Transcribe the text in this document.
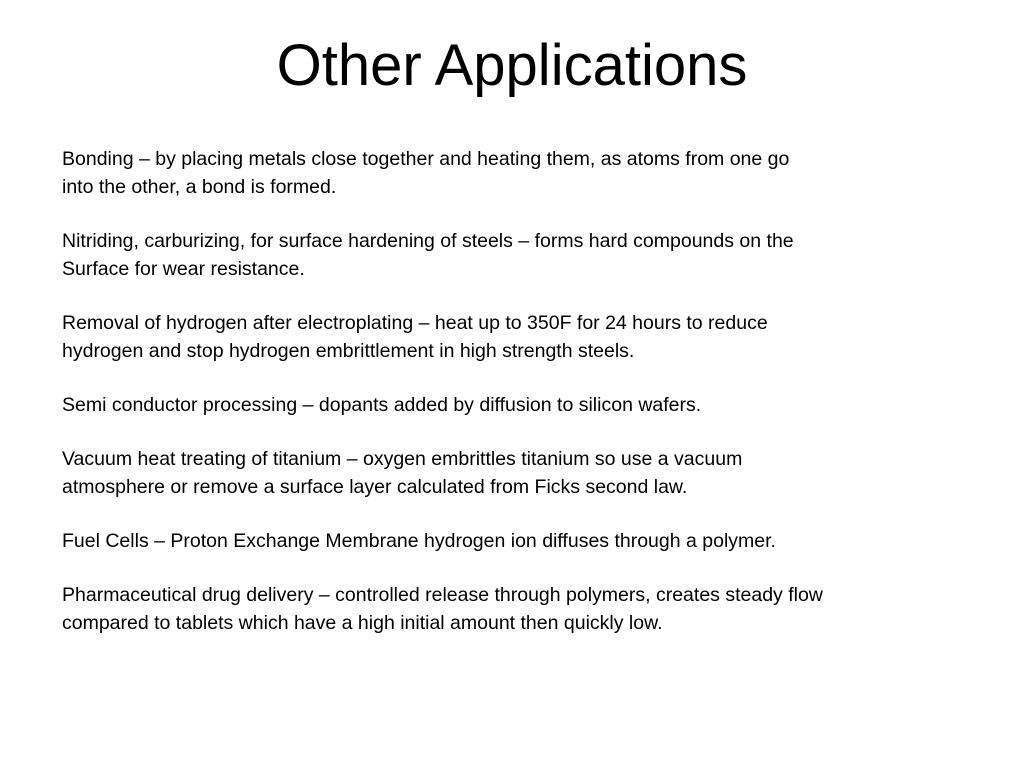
Other Applications

Bonding – by placing metals close together and heating them, as atoms from one go
into the other, a bond is formed.

Nitriding, carburizing, for surface hardening of steels – forms hard compounds on the
Surface for wear resistance.

Removal of hydrogen after electroplating – heat up to 350F for 24 hours to reduce
hydrogen and stop hydrogen embrittlement in high strength steels.

Semi conductor processing – dopants added by diffusion to silicon wafers.

Vacuum heat treating of titanium – oxygen embrittles titanium so use a vacuum
atmosphere or remove a surface layer calculated from Ficks second law.

Fuel Cells – Proton Exchange Membrane hydrogen ion diffuses through a polymer.

Pharmaceutical drug delivery – controlled release through polymers, creates steady flow
compared to tablets which have a high initial amount then quickly low.
